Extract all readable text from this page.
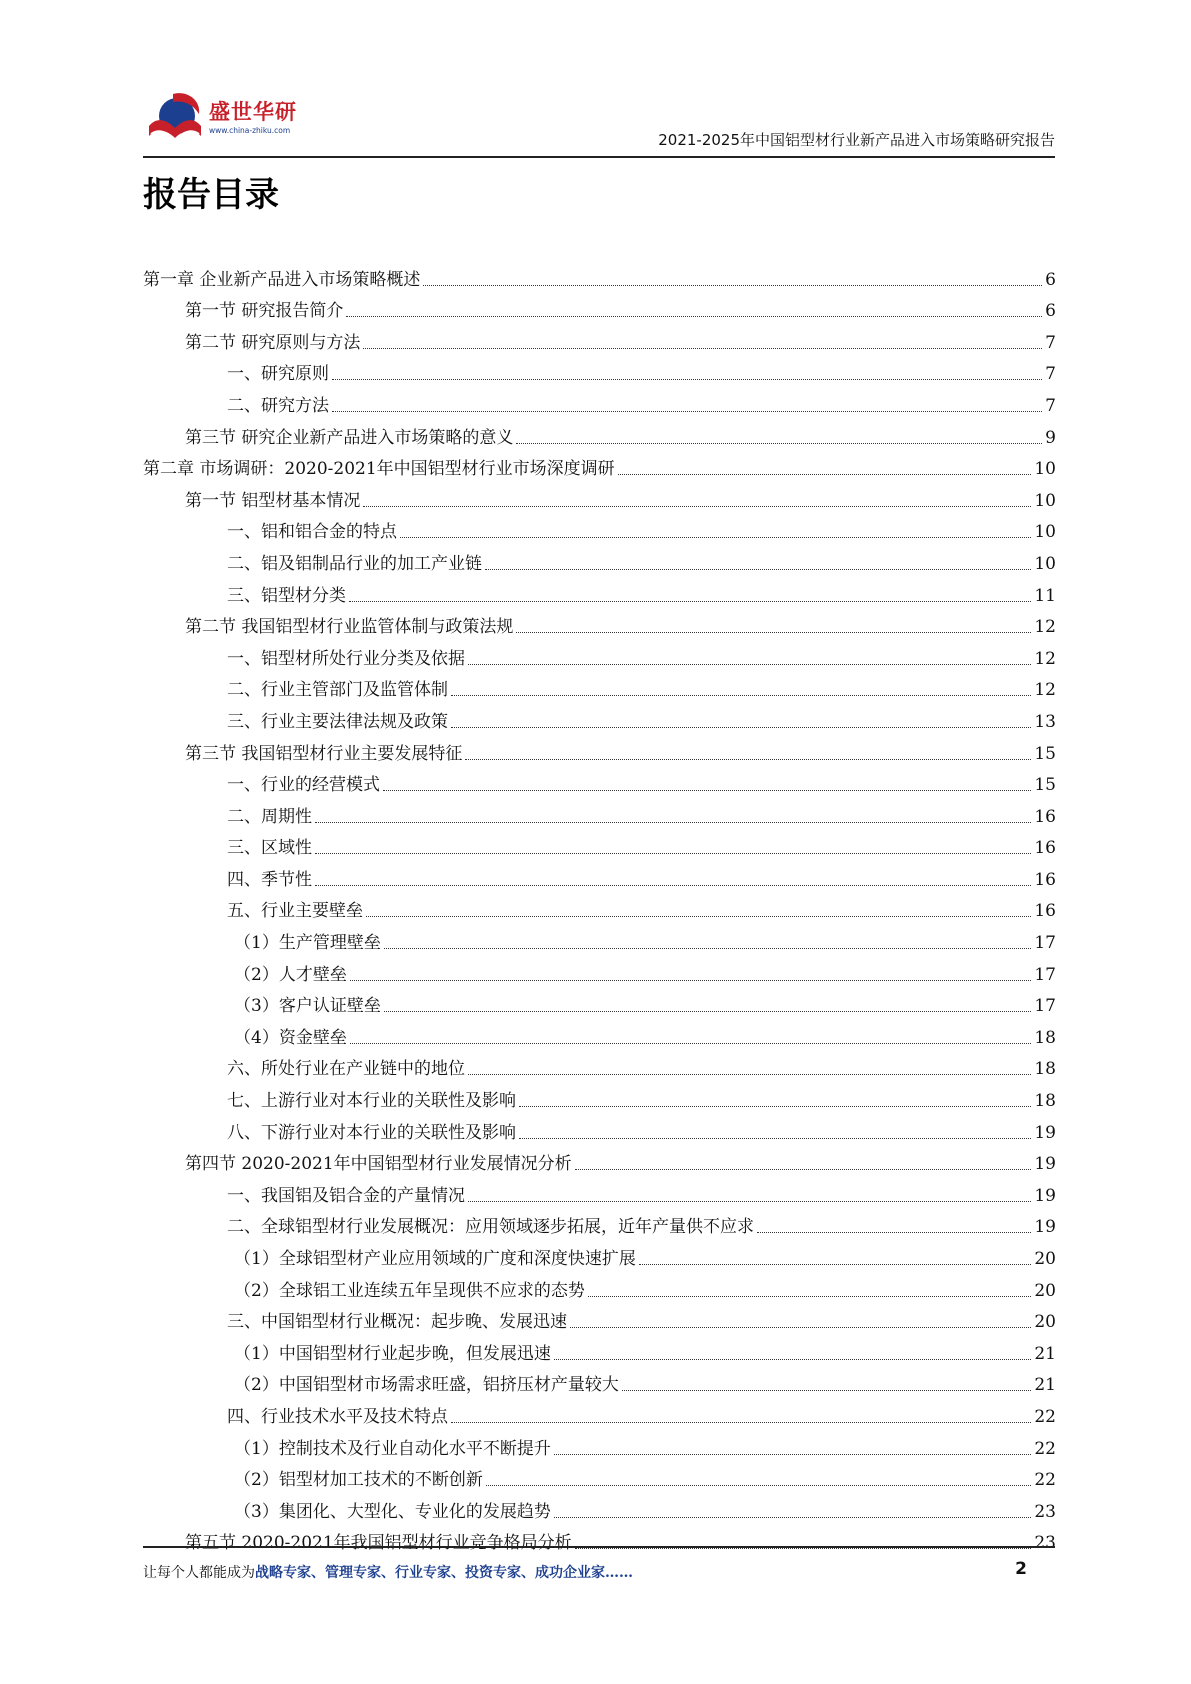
盛世华研
www.china-zhiku.com
2021-2025年中国铝型材行业新产品进入市场策略研究报告
报告目录
第一章 企业新产品进入市场策略概述	6
第一节 研究报告简介	6
第二节 研究原则与方法	7
一、研究原则	7
二、研究方法	7
第三节 研究企业新产品进入市场策略的意义	9
第二章 市场调研：2020-2021年中国铝型材行业市场深度调研	10
第一节 铝型材基本情况	10
一、铝和铝合金的特点	10
二、铝及铝制品行业的加工产业链	10
三、铝型材分类	11
第二节 我国铝型材行业监管体制与政策法规	12
一、铝型材所处行业分类及依据	12
二、行业主管部门及监管体制	12
三、行业主要法律法规及政策	13
第三节 我国铝型材行业主要发展特征	15
一、行业的经营模式	15
二、周期性	16
三、区域性	16
四、季节性	16
五、行业主要壁垒	16
（1）生产管理壁垒	17
（2）人才壁垒	17
（3）客户认证壁垒	17
（4）资金壁垒	18
六、所处行业在产业链中的地位	18
七、上游行业对本行业的关联性及影响	18
八、下游行业对本行业的关联性及影响	19
第四节 2020-2021年中国铝型材行业发展情况分析	19
一、我国铝及铝合金的产量情况	19
二、全球铝型材行业发展概况：应用领域逐步拓展，近年产量供不应求	19
（1）全球铝型材产业应用领域的广度和深度快速扩展	20
（2）全球铝工业连续五年呈现供不应求的态势	20
三、中国铝型材行业概况：起步晚、发展迅速	20
（1）中国铝型材行业起步晚，但发展迅速	21
（2）中国铝型材市场需求旺盛，铝挤压材产量较大	21
四、行业技术水平及技术特点	22
（1）控制技术及行业自动化水平不断提升	22
（2）铝型材加工技术的不断创新	22
（3）集团化、大型化、专业化的发展趋势	23
第五节 2020-2021年我国铝型材行业竞争格局分析	23
让每个人都能成为战略专家、管理专家、行业专家、投资专家、成功企业家……	2
